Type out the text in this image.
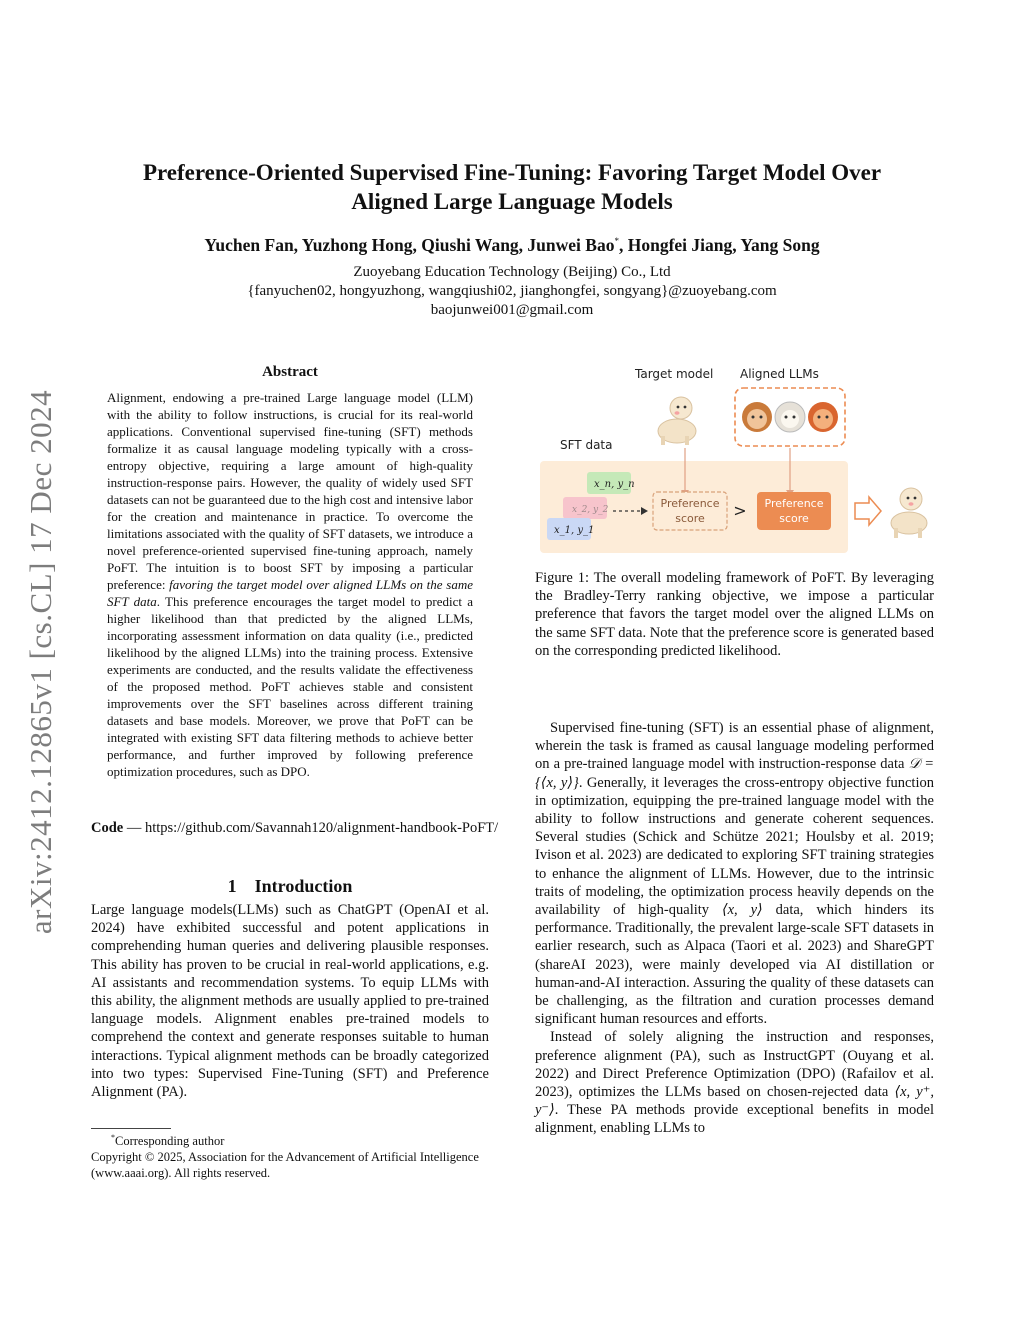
arXiv:2412.12865v1 [cs.CL] 17 Dec 2024
Preference-Oriented Supervised Fine-Tuning: Favoring Target Model Over Aligned Large Language Models
Yuchen Fan, Yuzhong Hong, Qiushi Wang, Junwei Bao*, Hongfei Jiang, Yang Song
Zuoyebang Education Technology (Beijing) Co., Ltd
{fanyuchen02, hongyuzhong, wangqiushi02, jianghongfei, songyang}@zuoyebang.com
baojunwei001@gmail.com
Abstract

Alignment, endowing a pre-trained Large language model (LLM) with the ability to follow instructions, is crucial for its real-world applications. Conventional supervised fine-tuning (SFT) methods formalize it as causal language modeling typically with a cross-entropy objective, requiring a large amount of high-quality instruction-response pairs. However, the quality of widely used SFT datasets can not be guaranteed due to the high cost and intensive labor for the creation and maintenance in practice. To overcome the limitations associated with the quality of SFT datasets, we introduce a novel preference-oriented supervised fine-tuning approach, namely PoFT. The intuition is to boost SFT by imposing a particular preference: favoring the target model over aligned LLMs on the same SFT data. This preference encourages the target model to predict a higher likelihood than that predicted by the aligned LLMs, incorporating assessment information on data quality (i.e., predicted likelihood by the aligned LLMs) into the training process. Extensive experiments are conducted, and the results validate the effectiveness of the proposed method. PoFT achieves stable and consistent improvements over the SFT baselines across different training datasets and base models. Moreover, we prove that PoFT can be integrated with existing SFT data filtering methods to achieve better performance, and further improved by following preference optimization procedures, such as DPO.

Code — https://github.com/Savannah120/alignment-handbook-PoFT/
1    Introduction

Large language models(LLMs) such as ChatGPT (OpenAI et al. 2024) have exhibited successful and potent applications in comprehending human queries and delivering plausible responses. This ability has proven to be crucial in real-world applications, e.g. AI assistants and recommendation systems. To equip LLMs with this ability, the alignment methods are usually applied to pre-trained language models. Alignment enables pre-trained models to comprehend the context and generate responses suitable to human interactions. Typical alignment methods can be broadly categorized into two types: Supervised Fine-Tuning (SFT) and Preference Alignment (PA).

*Corresponding author
Copyright © 2025, Association for the Advancement of Artificial Intelligence (www.aaai.org). All rights reserved.
Target model Aligned LLMs
SFT data
x_n, y_n
x_2, y_2
x_1, y_1
Preference
score > Preference
score

Figure 1: The overall modeling framework of PoFT. By leveraging the Bradley-Terry ranking objective, we impose a particular preference that favors the target model over the aligned LLMs on the same SFT data. Note that the preference score is generated based on the corresponding predicted likelihood.

Supervised fine-tuning (SFT) is an essential phase of alignment, wherein the task is framed as causal language modeling performed on a pre-trained language model with instruction-response data 𝒟 = {⟨x, y⟩}. Generally, it leverages the cross-entropy objective function in optimization, equipping the pre-trained language model with the ability to follow instructions and generate coherent sequences. Several studies (Schick and Schütze 2021; Houlsby et al. 2019; Ivison et al. 2023) are dedicated to exploring SFT training strategies to enhance the alignment of LLMs. However, due to the intrinsic traits of modeling, the optimization process heavily depends on the availability of high-quality ⟨x, y⟩ data, which hinders its performance. Traditionally, the prevalent large-scale SFT datasets in earlier research, such as Alpaca (Taori et al. 2023) and ShareGPT (shareAI 2023), were mainly developed via AI distillation or human-and-AI interaction. Assuring the quality of these datasets can be challenging, as the filtration and curation processes demand significant human resources and efforts.

Instead of solely aligning the instruction and responses, preference alignment (PA), such as InstructGPT (Ouyang et al. 2022) and Direct Preference Optimization (DPO) (Rafailov et al. 2023), optimizes the LLMs based on chosen-rejected data ⟨x, y⁺, y⁻⟩. These PA methods provide exceptional benefits in model alignment, enabling LLMs to
